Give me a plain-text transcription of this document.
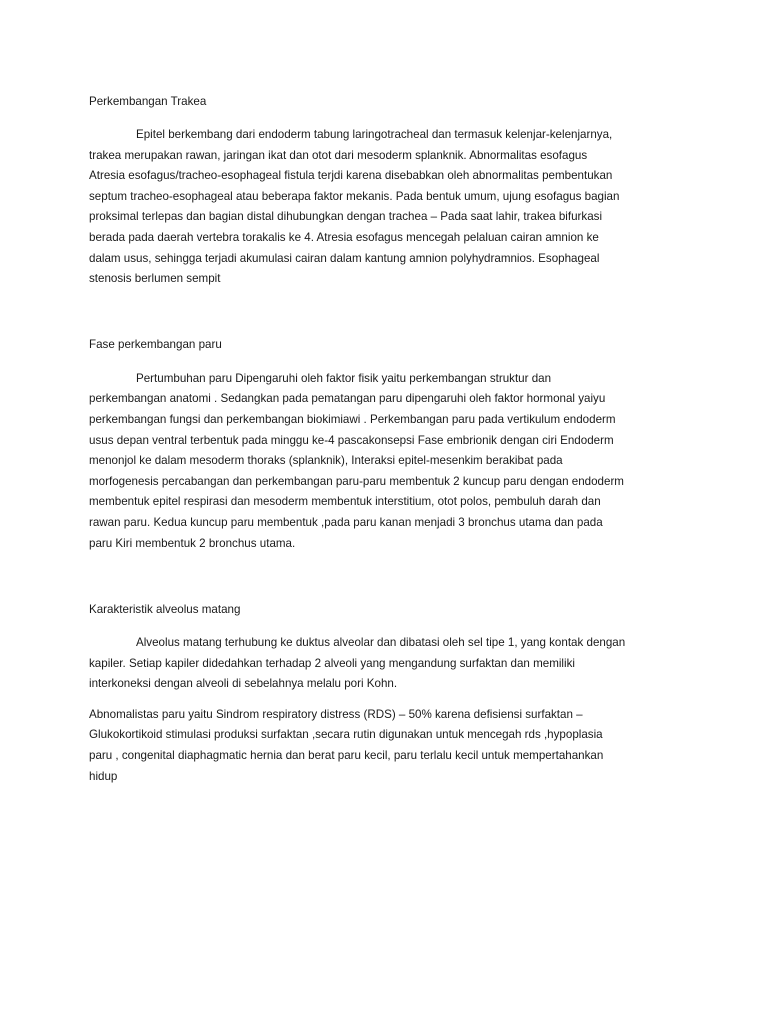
Perkembangan Trakea

Epitel berkembang dari endoderm tabung laringotracheal dan termasuk kelenjar-kelenjarnya,
trakea merupakan rawan, jaringan ikat dan otot dari mesoderm splanknik. Abnormalitas esofagus
Atresia esofagus/tracheo-esophageal fistula terjdi karena disebabkan oleh abnormalitas pembentukan
septum tracheo-esophageal atau beberapa faktor mekanis. Pada bentuk umum, ujung esofagus bagian
proksimal terlepas dan bagian distal dihubungkan dengan trachea – Pada saat lahir, trakea bifurkasi
berada pada daerah vertebra torakalis ke 4. Atresia esofagus mencegah pelaluan cairan amnion ke
dalam usus, sehingga terjadi akumulasi cairan dalam kantung amnion polyhydramnios. Esophageal
stenosis berlumen sempit

Fase perkembangan paru

Pertumbuhan paru Dipengaruhi oleh faktor fisik yaitu perkembangan struktur dan
perkembangan anatomi . Sedangkan pada pematangan paru dipengaruhi oleh faktor hormonal yaiyu
perkembangan fungsi dan perkembangan biokimiawi . Perkembangan paru pada vertikulum endoderm
usus depan ventral terbentuk pada minggu ke-4 pascakonsepsi Fase embrionik dengan ciri Endoderm
menonjol ke dalam mesoderm thoraks (splanknik), Interaksi epitel-mesenkim berakibat pada
morfogenesis percabangan dan perkembangan paru-paru membentuk 2 kuncup paru dengan endoderm
membentuk epitel respirasi dan mesoderm membentuk interstitium, otot polos, pembuluh darah dan
rawan paru. Kedua kuncup paru membentuk ,pada paru kanan menjadi 3 bronchus utama dan pada
paru Kiri membentuk 2 bronchus utama.

Karakteristik alveolus matang

Alveolus matang terhubung ke duktus alveolar dan dibatasi oleh sel tipe 1, yang kontak dengan
kapiler. Setiap kapiler didedahkan terhadap 2 alveoli yang mengandung surfaktan dan memiliki
interkoneksi dengan alveoli di sebelahnya melalu pori Kohn.

Abnomalistas paru yaitu Sindrom respiratory distress (RDS) – 50% karena defisiensi surfaktan –
Glukokortikoid stimulasi produksi surfaktan ,secara rutin digunakan untuk mencegah rds ,hypoplasia
paru , congenital diaphagmatic hernia dan berat paru kecil, paru terlalu kecil untuk mempertahankan
hidup
